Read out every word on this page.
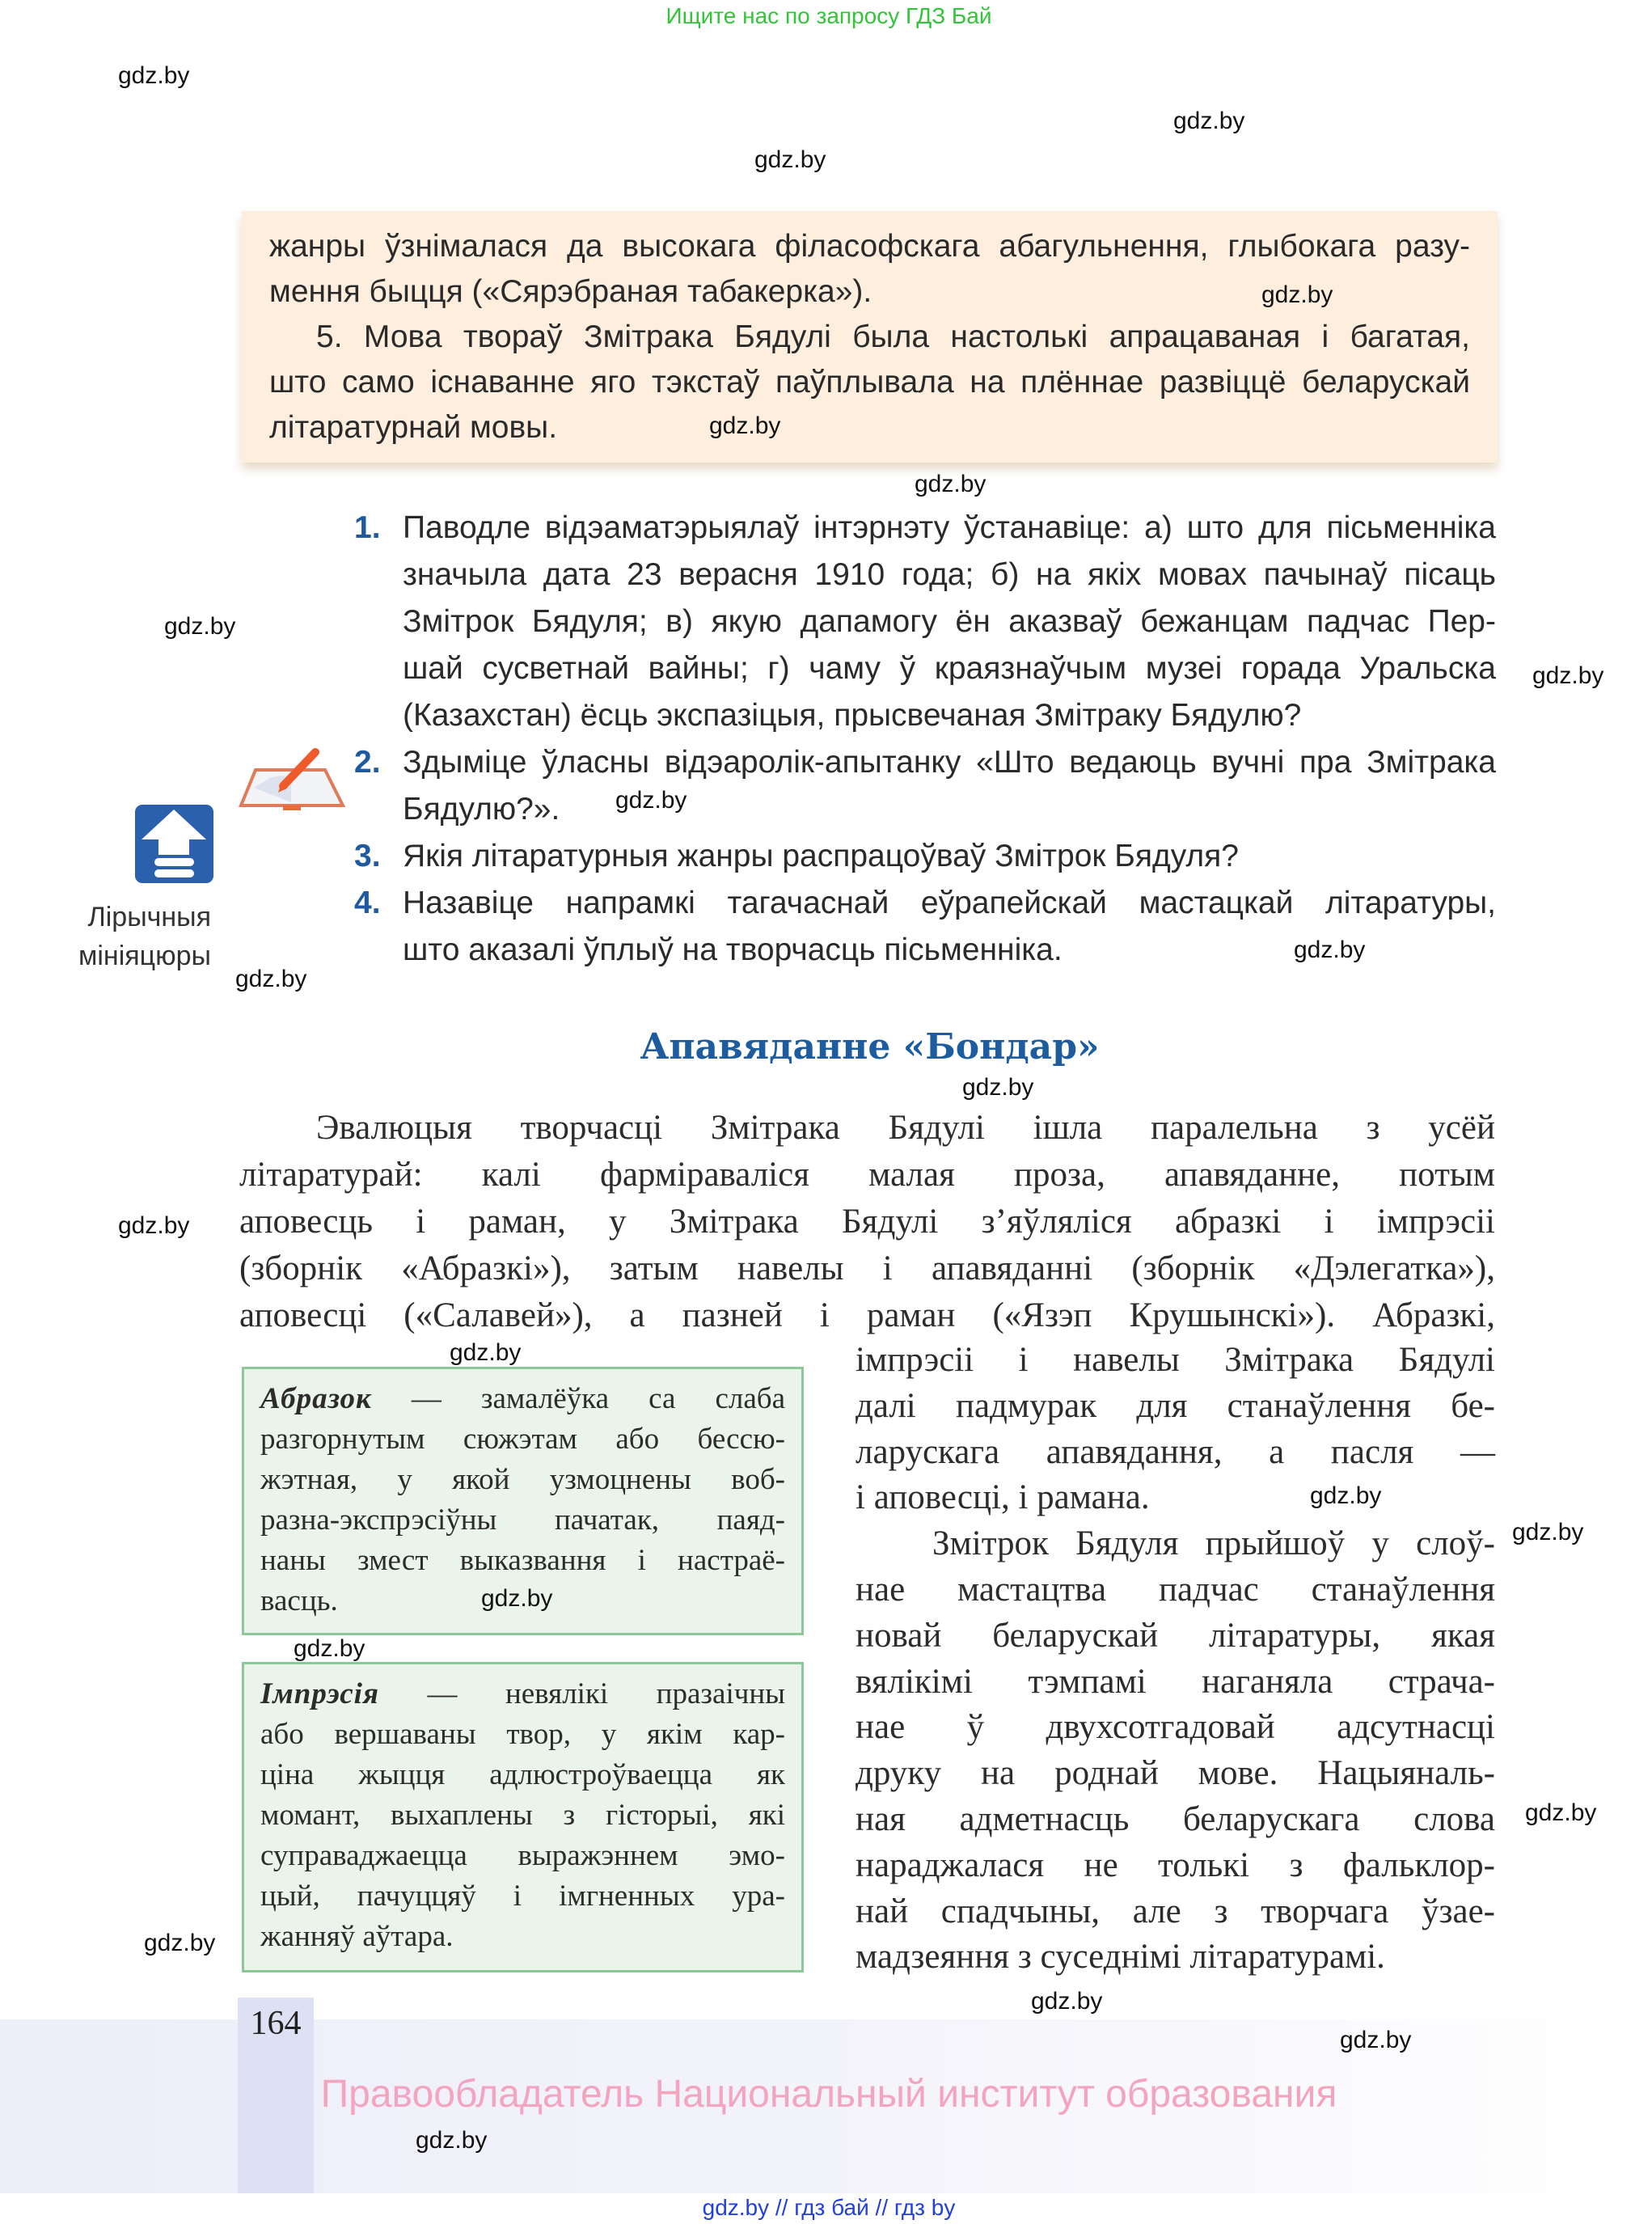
Ищите нас по запросу ГДЗ Бай
жанры ўзнімалася да высокага філасофскага абагульнення, глыбокага разу-
мення быцця («Сярэбраная табакерка»).
5. Мова твораў Змітрака Бядулі была настолькі апрацаваная і багатая,
што само існаванне яго тэкстаў паўплывала на плённае развіццё беларускай
літаратурнай мовы.
1. Паводле відэаматэрыялаў інтэрнэту ўстанавіце: а) што для пісьменніка
значыла дата 23 верасня 1910 года; б) на якіх мовах пачынаў пісаць
Змітрок Бядуля; в) якую дапамогу ён аказваў бежанцам падчас Пер-
шай сусветнай вайны; г) чаму ў краязнаўчым музеі горада Уральска
(Казахстан) ёсць экспазіцыя, прысвечаная Змітраку Бядулю?
2. Здыміце ўласны відэаролік-апытанку «Што ведаюць вучні пра Змітрака
Бядулю?».
3. Якія літаратурныя жанры распрацоўваў Змітрок Бядуля?
4. Назавіце напрамкі тагачаснай еўрапейскай мастацкай літаратуры,
што аказалі ўплыў на творчасць пісьменніка.
Лірычныя
мініяцюры
Апавяданне «Бондар»
Эвалюцыя творчасці Змітрака Бядулі ішла паралельна з усёй
літаратурай: калі фарміраваліся малая проза, апавяданне, потым
аповесць і раман, у Змітрака Бядулі з’яўляліся абразкі і імпрэсіі
(зборнік «Абразкі»), затым навелы і апавяданні (зборнік «Дэлегатка»),
аповесці («Салавей»), а пазней і раман («Язэп Крушынскі»). Абразкі,
імпрэсіі і навелы Змітрака Бядулі
далі падмурак для станаўлення бе-
ларускага апавядання, а пасля —
і аповесці, і рамана.
Змітрок Бядуля прыйшоў у слоў-
нае мастацтва падчас станаўлення
новай беларускай літаратуры, якая
вялікімі тэмпамі наганяла страча-
нае ў двухсотгадовай адсутнасці
друку на роднай мове. Нацыяналь-
ная адметнасць беларускага слова
нараджалася не толькі з фальклор-
най спадчыны, але з творчага ўзае-
мадзеяння з суседнімі літаратурамі.
Абразок — замалёўка са слаба
разгорнутым сюжэтам або бессю-
жэтная, у якой узмоцнены воб-
разна-экспрэсіўны пачатак, паяд-
наны змест выказвання і настраё-
васць.
Імпрэсія — невялікі празаічны
або вершаваны твор, у якім кар-
ціна жыцця адлюстроўваецца як
момант, выхаплены з гісторыі, які
суправаджаецца выражэннем эмо-
цый, пачуццяў і імгненных ура-
жанняў аўтара.
164
Правообладатель Национальный институт образования
gdz.by // гдз бай // гдз by
gdz.by
gdz.by
gdz.by
gdz.by
gdz.by
gdz.by
gdz.by
gdz.by
gdz.by
gdz.by
gdz.by
gdz.by
gdz.by
gdz.by
gdz.by
gdz.by
gdz.by
gdz.by
gdz.by
gdz.by
gdz.by
gdz.by
gdz.by
